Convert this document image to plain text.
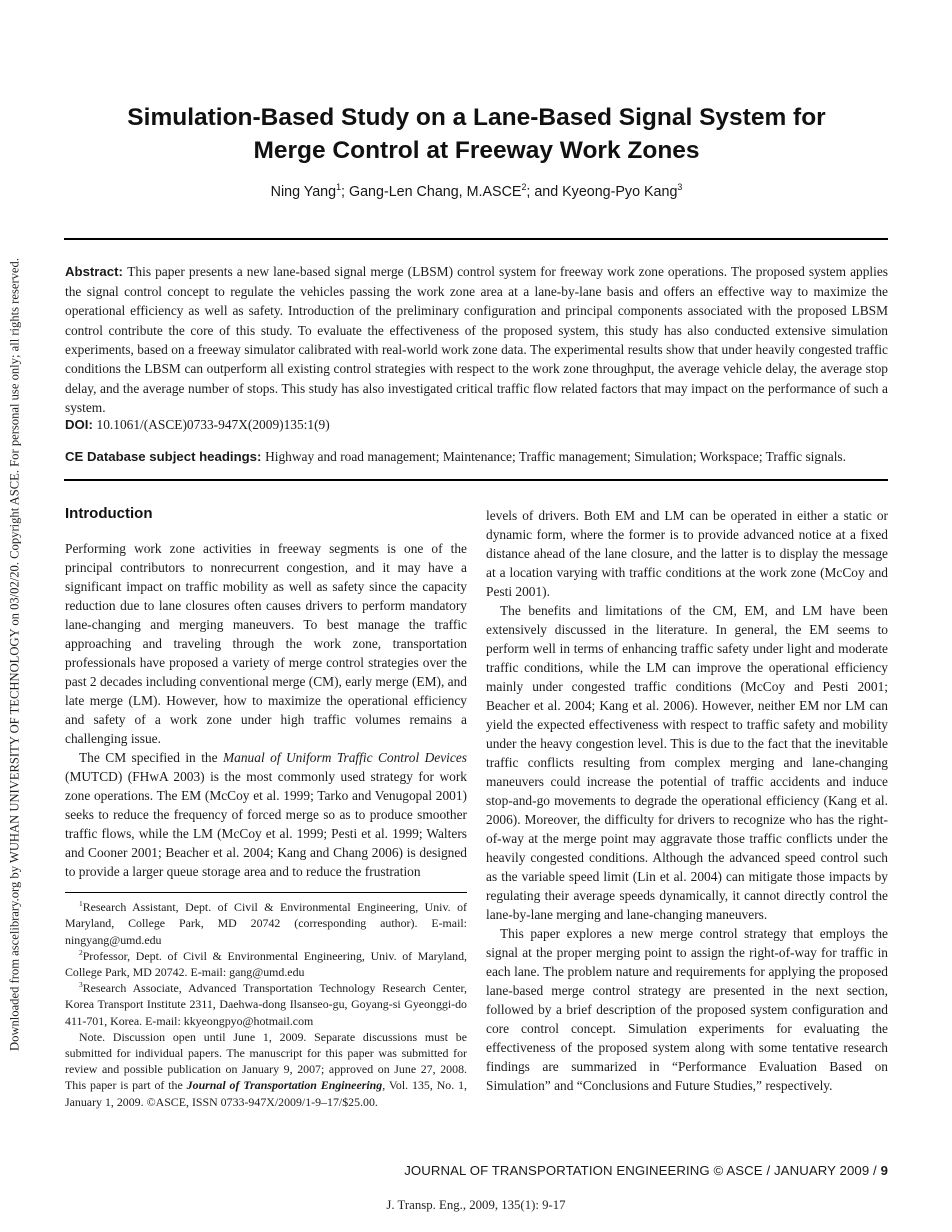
Downloaded from ascelibrary.org by WUHAN UNIVERSITY OF TECHNOLOGY on 03/02/20. Copyright ASCE. For personal use only; all rights reserved.
Simulation-Based Study on a Lane-Based Signal System for
Merge Control at Freeway Work Zones
Ning Yang$^1$; Gang-Len Chang, M.ASCE$^2$; and Kyeong-Pyo Kang$^3$

Abstract: This paper presents a new lane-based signal merge (LBSM) control system for freeway work zone operations. The proposed system applies the signal control concept to regulate the vehicles passing the work zone area at a lane-by-lane basis and offers an effective way to maximize the operational efficiency as well as safety. Introduction of the preliminary configuration and principal components associated with the proposed LBSM control contribute the core of this study. To evaluate the effectiveness of the proposed system, this study has also conducted extensive simulation experiments, based on a freeway simulator calibrated with real-world work zone data. The experimental results show that under heavily congested traffic conditions the LBSM can outperform all existing control strategies with respect to the work zone throughput, the average vehicle delay, the average stop delay, and the average number of stops. This study has also investigated critical traffic flow related factors that may impact on the performance of such a system.

DOI: 10.1061/(ASCE)0733-947X(2009)135:1(9)

CE Database subject headings: Highway and road management; Maintenance; Traffic management; Simulation; Workspace; Traffic signals.

Introduction

Performing work zone activities in freeway segments is one of the principal contributors to nonrecurrent congestion, and it may have a significant impact on traffic mobility as well as safety since the capacity reduction due to lane closures often causes drivers to perform mandatory lane-changing and merging maneuvers. To best manage the traffic approaching and traveling through the work zone, transportation professionals have proposed a variety of merge control strategies over the past 2 decades including conventional merge (CM), early merge (EM), and late merge (LM). However, how to maximize the operational efficiency and safety of a work zone under high traffic volumes remains a challenging issue.

The CM specified in the Manual of Uniform Traffic Control Devices (MUTCD) (FHwA 2003) is the most commonly used strategy for work zone operations. The EM (McCoy et al. 1999; Tarko and Venugopal 2001) seeks to reduce the frequency of forced merge so as to produce smoother traffic flows, while the LM (McCoy et al. 1999; Pesti et al. 1999; Walters and Cooner 2001; Beacher et al. 2004; Kang and Chang 2006) is designed to provide a larger queue storage area and to reduce the frustration

$^1$Research Assistant, Dept. of Civil & Environmental Engineering, Univ. of Maryland, College Park, MD 20742 (corresponding author). E-mail: ningyang@umd.edu

$^2$Professor, Dept. of Civil & Environmental Engineering, Univ. of Maryland, College Park, MD 20742. E-mail: gang@umd.edu

$^3$Research Associate, Advanced Transportation Technology Research Center, Korea Transport Institute 2311, Daehwa-dong Ilsanseo-gu, Goyang-si Gyeonggi-do 411-701, Korea. E-mail: kkyeongpyo@hotmail.com

Note. Discussion open until June 1, 2009. Separate discussions must be submitted for individual papers. The manuscript for this paper was submitted for review and possible publication on January 9, 2007; approved on June 27, 2008. This paper is part of the Journal of Transportation Engineering, Vol. 135, No. 1, January 1, 2009. ©ASCE, ISSN 0733-947X/2009/1-9–17/$25.00.

levels of drivers. Both EM and LM can be operated in either a static or dynamic form, where the former is to provide advanced notice at a fixed distance ahead of the lane closure, and the latter is to display the message at a location varying with traffic conditions at the work zone (McCoy and Pesti 2001).

The benefits and limitations of the CM, EM, and LM have been extensively discussed in the literature. In general, the EM seems to perform well in terms of enhancing traffic safety under light and moderate traffic conditions, while the LM can improve the operational efficiency mainly under congested traffic conditions (McCoy and Pesti 2001; Beacher et al. 2004; Kang et al. 2006). However, neither EM nor LM can yield the expected effectiveness with respect to traffic safety and mobility under the heavy congestion level. This is due to the fact that the inevitable traffic conflicts resulting from complex merging and lane-changing maneuvers could increase the potential of traffic accidents and induce stop-and-go movements to degrade the operational efficiency (Kang et al. 2006). Moreover, the difficulty for drivers to recognize who has the right-of-way at the merge point may aggravate those traffic conflicts under the heavily congested conditions. Although the advanced speed control such as the variable speed limit (Lin et al. 2004) can mitigate those impacts by regulating their average speeds dynamically, it cannot directly control the lane-by-lane merging and lane-changing maneuvers.

This paper explores a new merge control strategy that employs the signal at the proper merging point to assign the right-of-way for traffic in each lane. The problem nature and requirements for applying the proposed lane-based merge control strategy are presented in the next section, followed by a brief description of the proposed system configuration and core control concept. Simulation experiments for evaluating the effectiveness of the proposed system along with some tentative research findings are summarized in “Performance Evaluation Based on Simulation” and “Conclusions and Future Studies,” respectively.

JOURNAL OF TRANSPORTATION ENGINEERING © ASCE / JANUARY 2009 / 9
J. Transp. Eng., 2009, 135(1): 9-17
